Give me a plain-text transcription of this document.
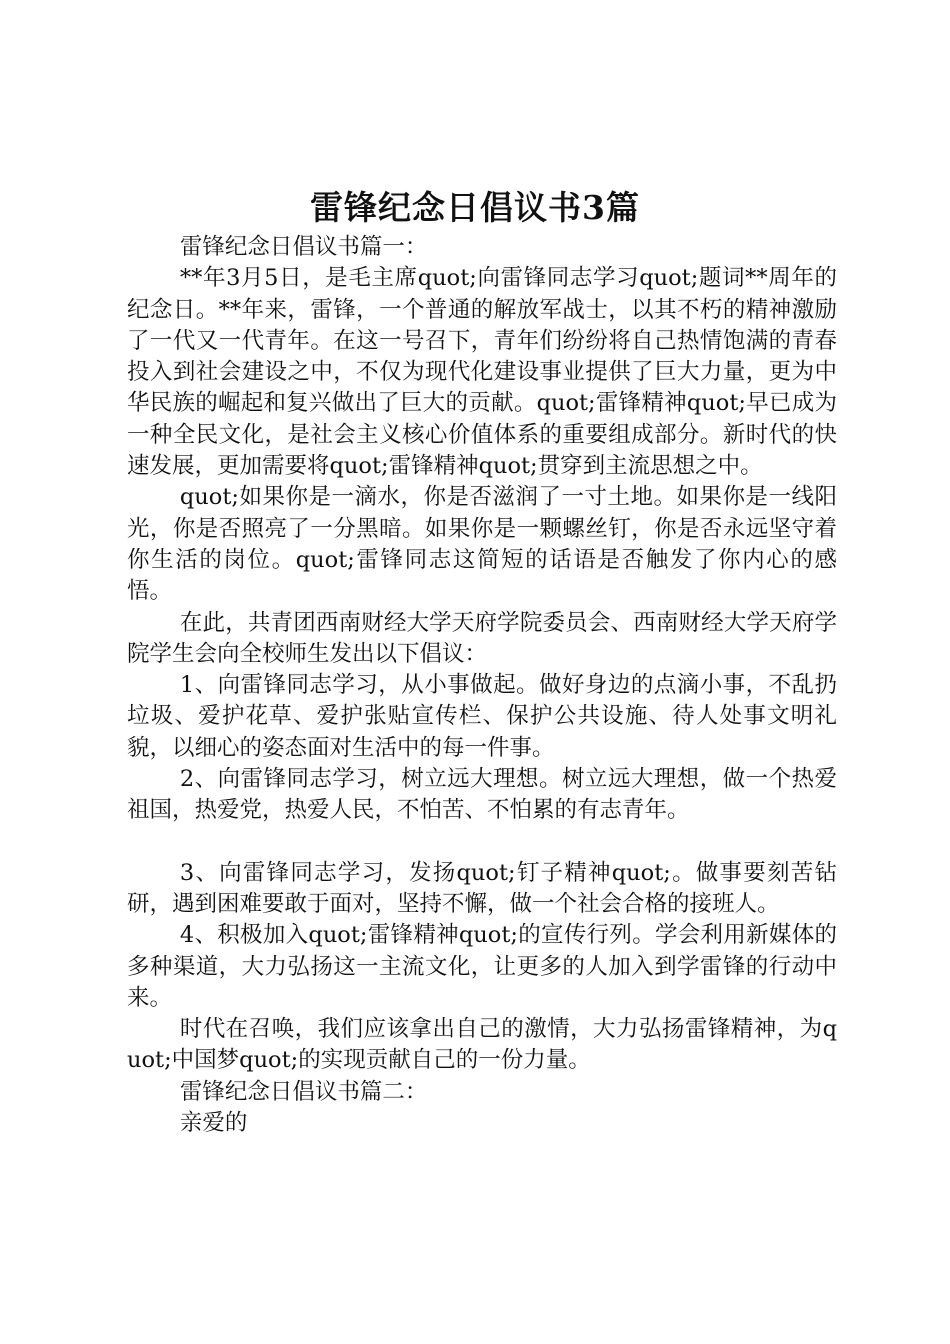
雷锋纪念日倡议书3篇

雷锋纪念日倡议书篇一：

**年3月5日，是毛主席quot;向雷锋同志学习quot;题词**周年的纪念日。**年来，雷锋，一个普通的解放军战士，以其不朽的精神激励了一代又一代青年。在这一号召下，青年们纷纷将自己热情饱满的青春投入到社会建设之中，不仅为现代化建设事业提供了巨大力量，更为中华民族的崛起和复兴做出了巨大的贡献。quot;雷锋精神quot;早已成为一种全民文化，是社会主义核心价值体系的重要组成部分。新时代的快速发展，更加需要将quot;雷锋精神quot;贯穿到主流思想之中。

quot;如果你是一滴水，你是否滋润了一寸土地。如果你是一线阳光，你是否照亮了一分黑暗。如果你是一颗螺丝钉，你是否永远坚守着你生活的岗位。quot;雷锋同志这简短的话语是否触发了你内心的感悟。

在此，共青团西南财经大学天府学院委员会、西南财经大学天府学院学生会向全校师生发出以下倡议：

1、向雷锋同志学习，从小事做起。做好身边的点滴小事，不乱扔垃圾、爱护花草、爱护张贴宣传栏、保护公共设施、待人处事文明礼貌，以细心的姿态面对生活中的每一件事。

2、向雷锋同志学习，树立远大理想。树立远大理想，做一个热爱祖国，热爱党，热爱人民，不怕苦、不怕累的有志青年。

3、向雷锋同志学习，发扬quot;钉子精神quot;。做事要刻苦钻研，遇到困难要敢于面对，坚持不懈，做一个社会合格的接班人。

4、积极加入quot;雷锋精神quot;的宣传行列。学会利用新媒体的多种渠道，大力弘扬这一主流文化，让更多的人加入到学雷锋的行动中来。

时代在召唤，我们应该拿出自己的激情，大力弘扬雷锋精神，为quot;中国梦quot;的实现贡献自己的一份力量。

雷锋纪念日倡议书篇二：

亲爱的
